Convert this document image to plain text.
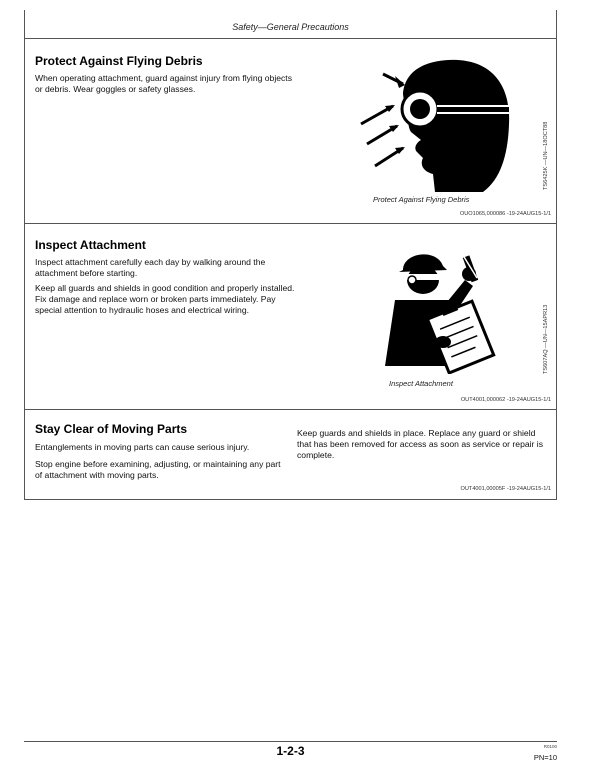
Safety—General Precautions
Protect Against Flying Debris
When operating attachment, guard against injury from flying objects or debris. Wear goggles or safety glasses.
TS6425K —UN—18OCT88
Protect Against Flying Debris
OUO1065,000086 -19-24AUG15-1/1
Inspect Attachment
Inspect attachment carefully each day by walking around the attachment before starting.
Keep all guards and shields in good condition and properly installed. Fix damage and replace worn or broken parts immediately. Pay special attention to hydraulic hoses and electrical wiring.	TS607AQ —UN—15APR13
Inspect Attachment
OUT4001,000062 -19-24AUG15-1/1
Stay Clear of Moving Parts
Entanglements in moving parts can cause serious injury.
Stop engine before examining, adjusting, or maintaining any part of attachment with moving parts.
Keep guards and shields in place. Replace any guard or shield that has been removed for access as soon as service or repair is complete.
OUT4001,00005F -19-24AUG15-1/1
1-2-3	R0100
PN=10
